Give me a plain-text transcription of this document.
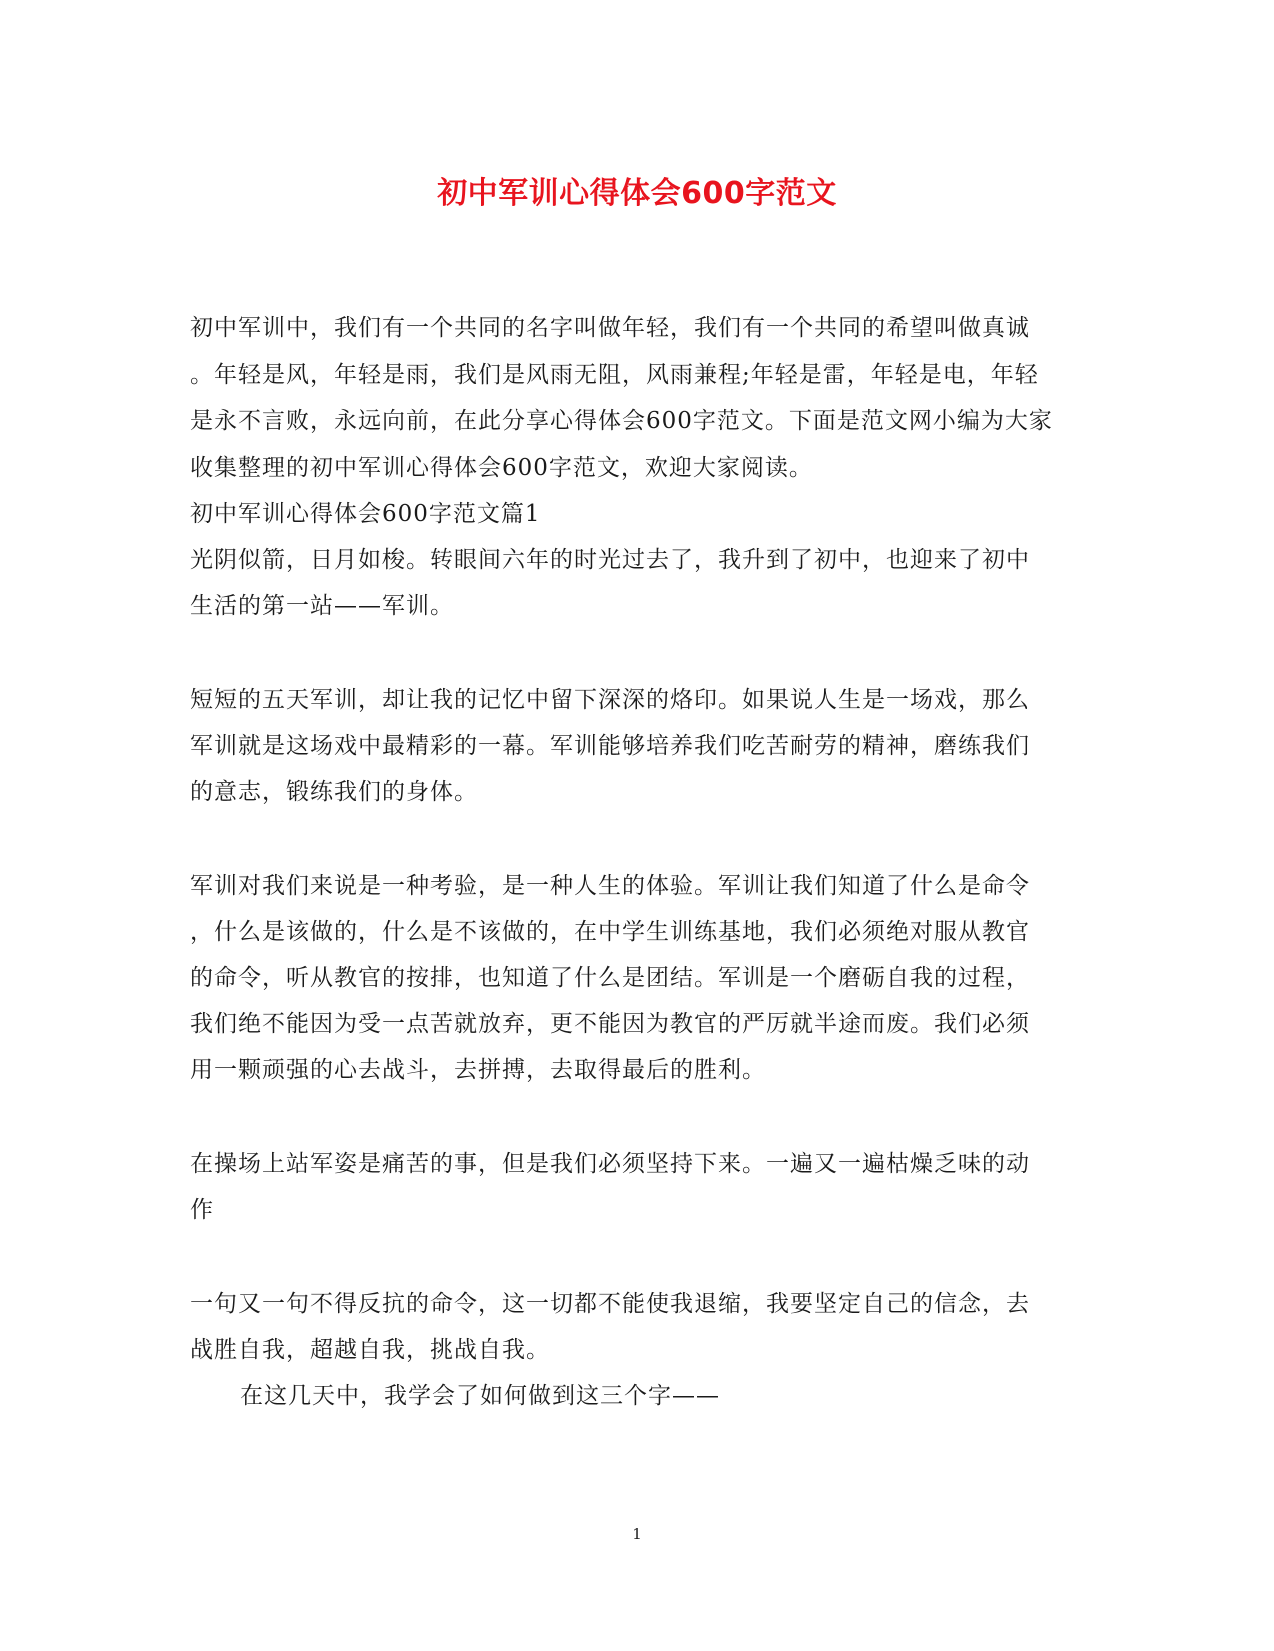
初中军训心得体会600字范文

初中军训中，我们有一个共同的名字叫做年轻，我们有一个共同的希望叫做真诚

。年轻是风，年轻是雨，我们是风雨无阻，风雨兼程;年轻是雷，年轻是电，年轻

是永不言败，永远向前，在此分享心得体会600字范文。下面是范文网小编为大家

收集整理的初中军训心得体会600字范文，欢迎大家阅读。

初中军训心得体会600字范文篇1

光阴似箭，日月如梭。转眼间六年的时光过去了，我升到了初中，也迎来了初中

生活的第一站——军训。

短短的五天军训，却让我的记忆中留下深深的烙印。如果说人生是一场戏，那么

军训就是这场戏中最精彩的一幕。军训能够培养我们吃苦耐劳的精神，磨练我们

的意志，锻练我们的身体。

军训对我们来说是一种考验，是一种人生的体验。军训让我们知道了什么是命令

，什么是该做的，什么是不该做的，在中学生训练基地，我们必须绝对服从教官

的命令，听从教官的按排，也知道了什么是团结。军训是一个磨砺自我的过程，

我们绝不能因为受一点苦就放弃，更不能因为教官的严厉就半途而废。我们必须

用一颗顽强的心去战斗，去拼搏，去取得最后的胜利。

在操场上站军姿是痛苦的事，但是我们必须坚持下来。一遍又一遍枯燥乏味的动

作

一句又一句不得反抗的命令，这一切都不能使我退缩，我要坚定自己的信念，去

战胜自我，超越自我，挑战自我。

在这几天中，我学会了如何做到这三个字——

1
